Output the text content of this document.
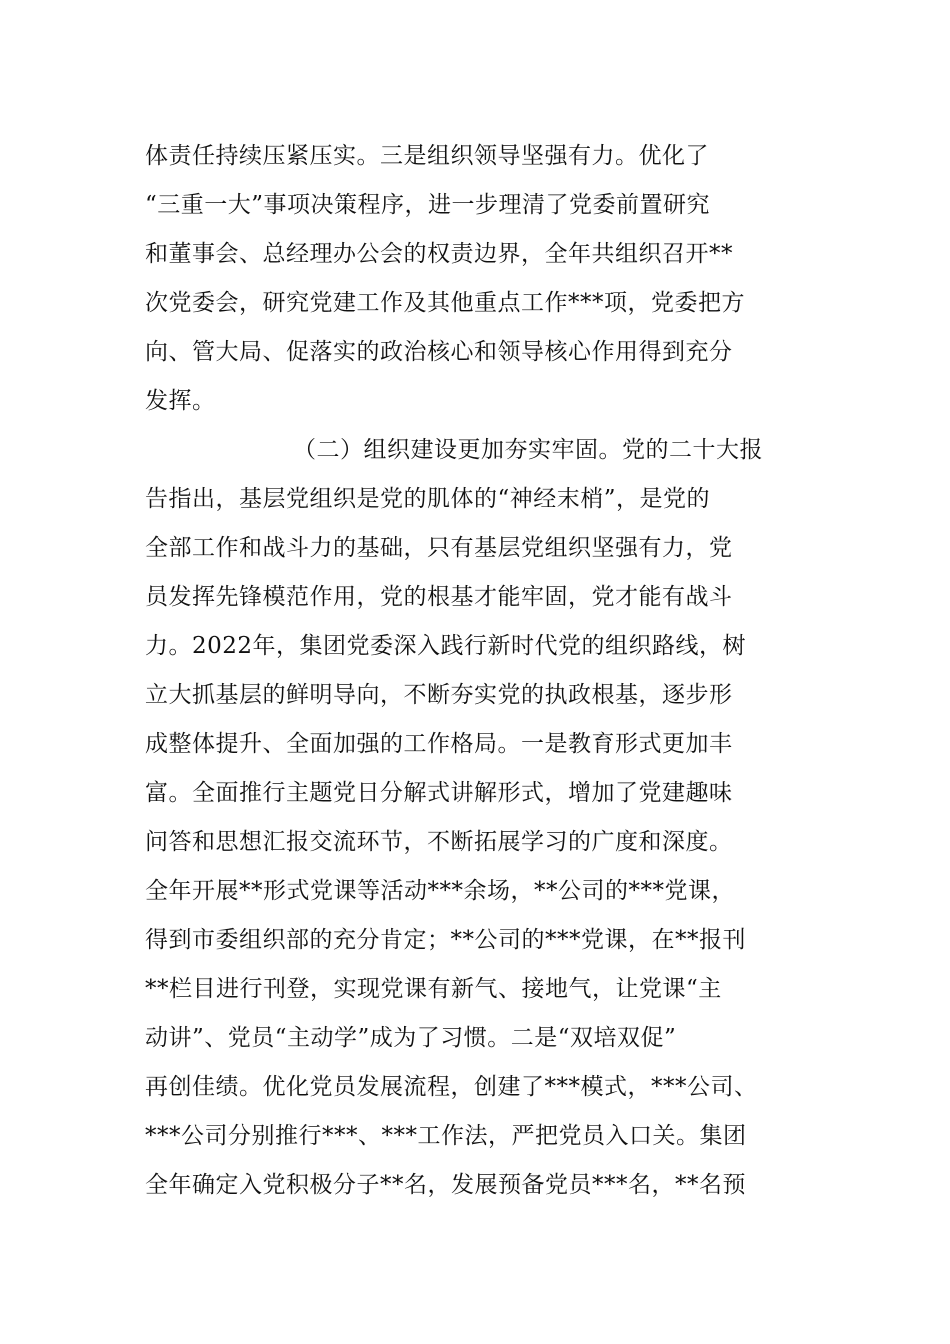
体责任持续压紧压实。三是组织领导坚强有力。优化了
“三重一大”事项决策程序，进一步理清了党委前置研究
和董事会、总经理办公会的权责边界，全年共组织召开**
次党委会，研究党建工作及其他重点工作***项，党委把方
向、管大局、促落实的政治核心和领导核心作用得到充分
发挥。
（二）组织建设更加夯实牢固。党的二十大报
告指出，基层党组织是党的肌体的“神经末梢”，是党的
全部工作和战斗力的基础，只有基层党组织坚强有力，党
员发挥先锋模范作用，党的根基才能牢固，党才能有战斗
力。2022年，集团党委深入践行新时代党的组织路线，树
立大抓基层的鲜明导向，不断夯实党的执政根基，逐步形
成整体提升、全面加强的工作格局。一是教育形式更加丰
富。全面推行主题党日分解式讲解形式，增加了党建趣味
问答和思想汇报交流环节，不断拓展学习的广度和深度。
全年开展**形式党课等活动***余场，**公司的***党课，
得到市委组织部的充分肯定；**公司的***党课，在**报刊
**栏目进行刊登，实现党课有新气、接地气，让党课“主
动讲”、党员“主动学”成为了习惯。二是“双培双促”
再创佳绩。优化党员发展流程，创建了***模式，***公司、
***公司分别推行***、***工作法，严把党员入口关。集团
全年确定入党积极分子**名，发展预备党员***名，**名预
